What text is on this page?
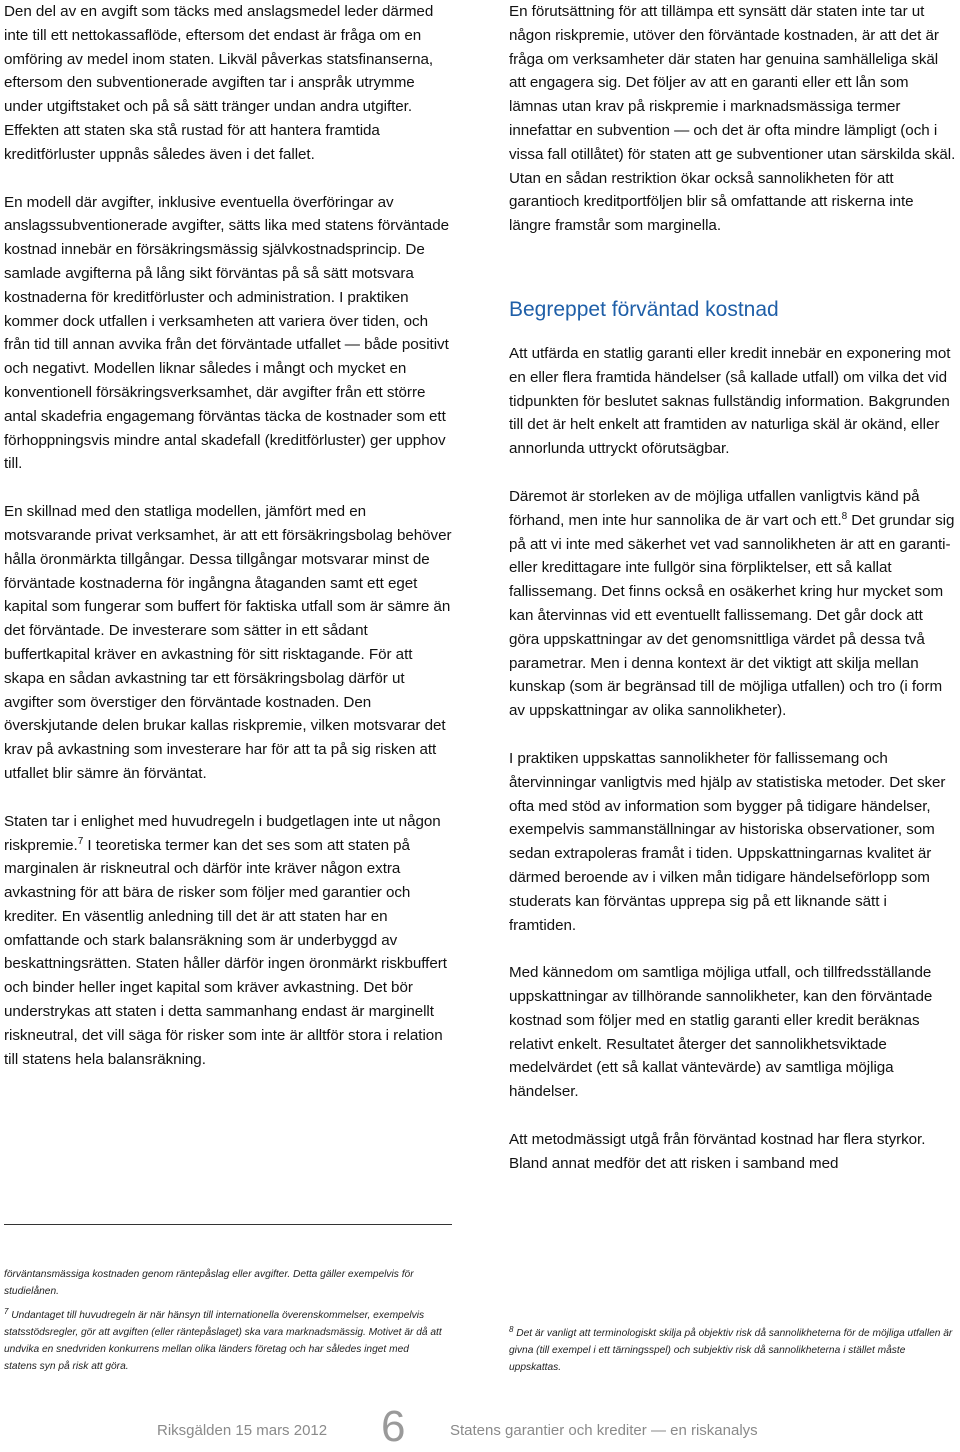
Den del av en avgift som täcks med anslagsmedel leder därmed inte till ett nettokassaflöde, eftersom det endast är fråga om en omföring av medel inom staten. Likväl påverkas statsfinanserna, eftersom den subventionerade avgiften tar i anspråk utrymme under utgiftstaket och på så sätt tränger undan andra utgifter. Effekten att staten ska stå rustad för att hantera framtida kreditförluster uppnås således även i det fallet.

En modell där avgifter, inklusive eventuella överföringar av anslagssubventionerade avgifter, sätts lika med statens förväntade kostnad innebär en försäkringsmässig självkostnadsprincip. De samlade avgifterna på lång sikt förväntas på så sätt motsvara kostnaderna för kreditförluster och administration. I praktiken kommer dock utfallen i verksamheten att variera över tiden, och från tid till annan avvika från det förväntade utfallet — både positivt och negativt. Modellen liknar således i mångt och mycket en konventionell försäkringsverksamhet, där avgifter från ett större antal skadefria engagemang förväntas täcka de kostnader som ett förhoppningsvis mindre antal skadefall (kreditförluster) ger upphov till.

En skillnad med den statliga modellen, jämfört med en motsvarande privat verksamhet, är att ett försäkringsbolag behöver hålla öronmärkta tillgångar. Dessa tillgångar motsvarar minst de förväntade kostnaderna för ingångna åtaganden samt ett eget kapital som fungerar som buffert för faktiska utfall som är sämre än det förväntade. De investerare som sätter in ett sådant buffertkapital kräver en avkastning för sitt risktagande. För att skapa en sådan avkastning tar ett försäkringsbolag därför ut avgifter som överstiger den förväntade kostnaden. Den överskjutande delen brukar kallas riskpremie, vilken motsvarar det krav på avkastning som investerare har för att ta på sig risken att utfallet blir sämre än förväntat.

Staten tar i enlighet med huvudregeln i budgetlagen inte ut någon riskpremie.$^7$ I teoretiska termer kan det ses som att staten på marginalen är riskneutral och därför inte kräver någon extra avkastning för att bära de risker som följer med garantier och krediter. En väsentlig anledning till det är att staten har en omfattande och stark balansräkning som är underbyggd av beskattningsrätten. Staten håller därför ingen öronmärkt riskbuffert och binder heller inget kapital som kräver avkastning. Det bör understrykas att staten i detta sammanhang endast är marginellt riskneutral, det vill säga för risker som inte är alltför stora i relation till statens hela balansräkning.

En förutsättning för att tillämpa ett synsätt där staten inte tar ut någon riskpremie, utöver den förväntade kostnaden, är att det är fråga om verksamheter där staten har genuina samhälleliga skäl att engagera sig. Det följer av att en garanti eller ett lån som lämnas utan krav på riskpremie i marknadsmässiga termer innefattar en subvention — och det är ofta mindre lämpligt (och i vissa fall otillåtet) för staten att ge subventioner utan särskilda skäl. Utan en sådan restriktion ökar också sannolikheten för att garantioch kreditportföljen blir så omfattande att riskerna inte längre framstår som marginella.

Begreppet förväntad kostnad

Att utfärda en statlig garanti eller kredit innebär en exponering mot en eller flera framtida händelser (så kallade utfall) om vilka det vid tidpunkten för beslutet saknas fullständig information. Bakgrunden till det är helt enkelt att framtiden av naturliga skäl är okänd, eller annorlunda uttryckt oförutsägbar.

Däremot är storleken av de möjliga utfallen vanligtvis känd på förhand, men inte hur sannolika de är vart och ett.$^8$ Det grundar sig på att vi inte med säkerhet vet vad sannolikheten är att en garanti- eller kredittagare inte fullgör sina förpliktelser, ett så kallat fallissemang. Det finns också en osäkerhet kring hur mycket som kan återvinnas vid ett eventuellt fallissemang. Det går dock att göra uppskattningar av det genomsnittliga värdet på dessa två parametrar. Men i denna kontext är det viktigt att skilja mellan kunskap (som är begränsad till de möjliga utfallen) och tro (i form av uppskattningar av olika sannolikheter).

I praktiken uppskattas sannolikheter för fallissemang och återvinningar vanligtvis med hjälp av statistiska metoder. Det sker ofta med stöd av information som bygger på tidigare händelser, exempelvis sammanställningar av historiska observationer, som sedan extrapoleras framåt i tiden. Uppskattningarnas kvalitet är därmed beroende av i vilken mån tidigare händelseförlopp som studerats kan förväntas upprepa sig på ett liknande sätt i framtiden.

Med kännedom om samtliga möjliga utfall, och tillfredsställande uppskattningar av tillhörande sannolikheter, kan den förväntade kostnad som följer med en statlig garanti eller kredit beräknas relativt enkelt. Resultatet återger det sannolikhetsviktade medelvärdet (ett så kallat väntevärde) av samtliga möjliga händelser.

Att metodmässigt utgå från förväntad kostnad har flera styrkor. Bland annat medför det att risken i samband med

förväntansmässiga kostnaden genom räntepåslag eller avgifter. Detta gäller exempelvis för studielånen.

$^7$ Undantaget till huvudregeln är när hänsyn till internationella överenskommelser, exempelvis statsstödsregler, gör att avgiften (eller räntepåslaget) ska vara marknadsmässig. Motivet är då att undvika en snedvriden konkurrens mellan olika länders företag och har således inget med statens syn på risk att göra.

$^8$ Det är vanligt att terminologiskt skilja på objektiv risk då sannolikheterna för de möjliga utfallen är givna (till exempel i ett tärningsspel) och subjektiv risk då sannolikheterna i stället måste uppskattas.

Riksgälden 15 mars 2012 6	Statens garantier och krediter — en riskanalys
